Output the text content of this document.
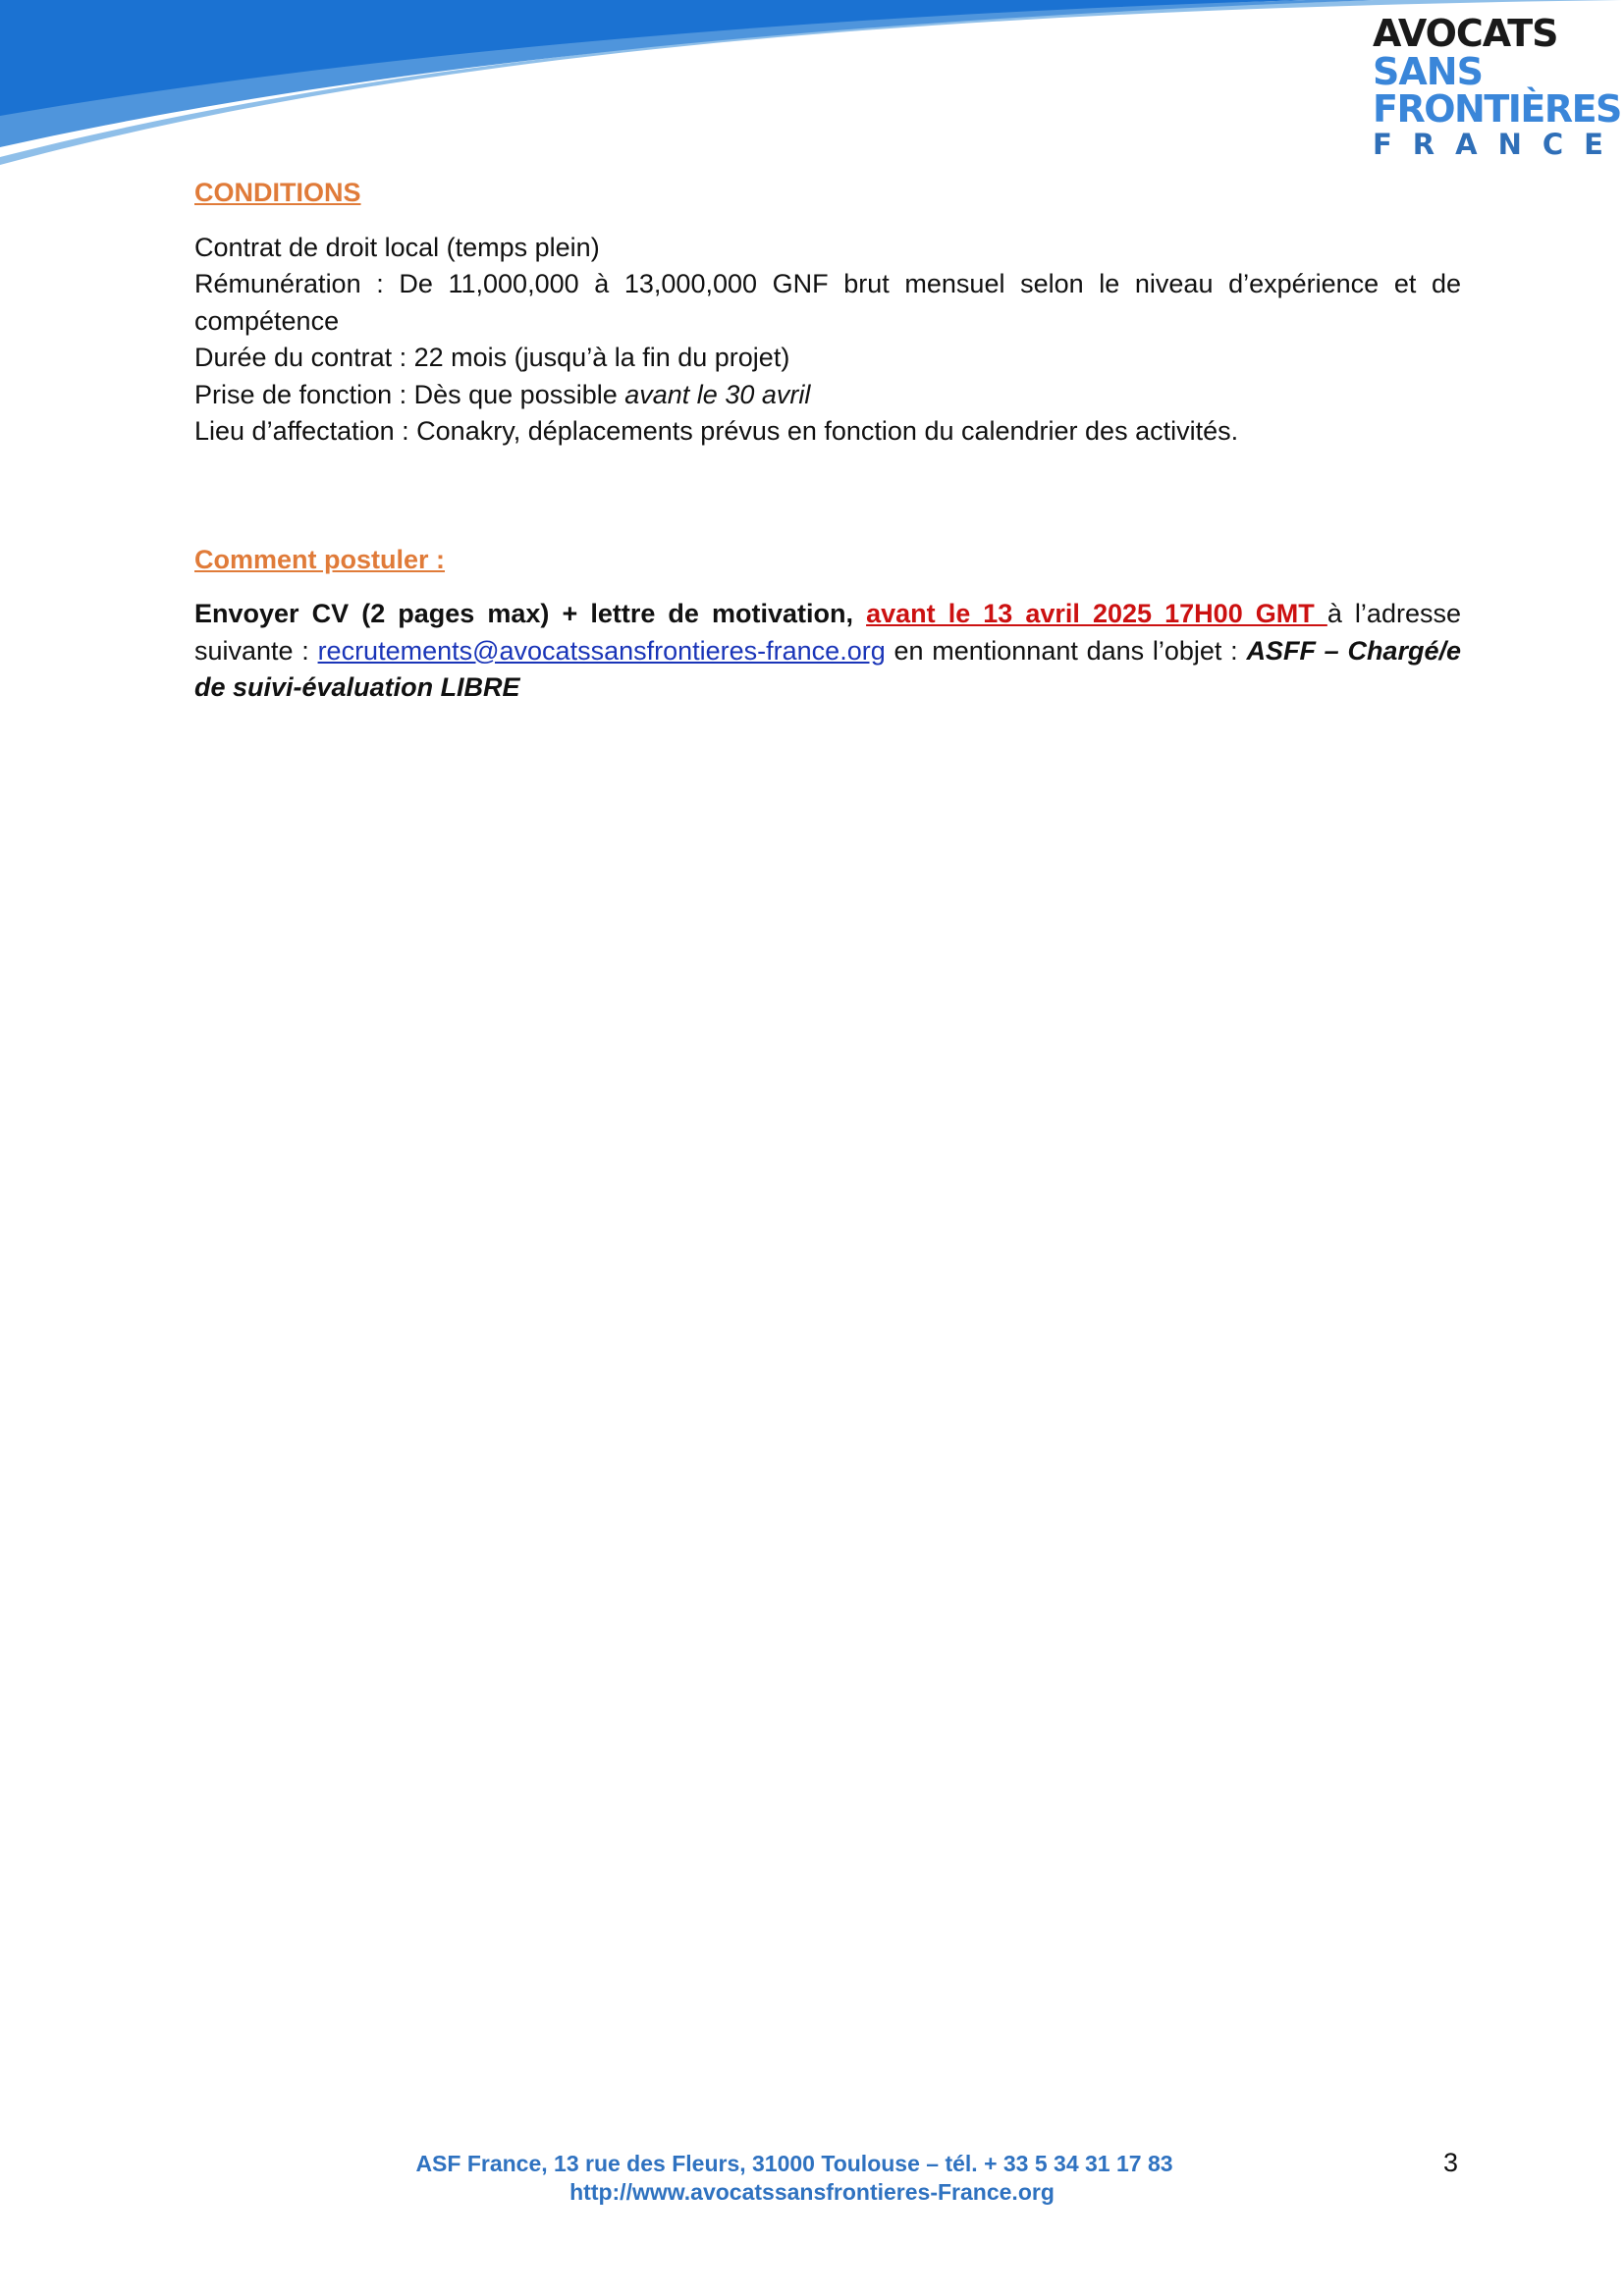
AVOCATS
SANS
FRONTIÈRES
FRANCE

CONDITIONS

Contrat de droit local (temps plein)

Rémunération : De 11,000,000 à 13,000,000 GNF brut mensuel selon le niveau d’expérience et de compétence

Durée du contrat : 22 mois (jusqu’à la fin du projet)

Prise de fonction : Dès que possible avant le 30 avril

Lieu d’affectation : Conakry, déplacements prévus en fonction du calendrier des activités.

Comment postuler :

Envoyer CV (2 pages max) + lettre de motivation, avant le 13 avril 2025 17H00 GMT à l’adresse suivante : recrutements@avocatssansfrontieres-france.org en mentionnant dans l’objet : ASFF – Chargé/e de suivi-évaluation LIBRE

ASF France, 13 rue des Fleurs, 31000 Toulouse – tél. + 33 5 34 31 17 83
http://www.avocatssansfrontieres-France.org
3
